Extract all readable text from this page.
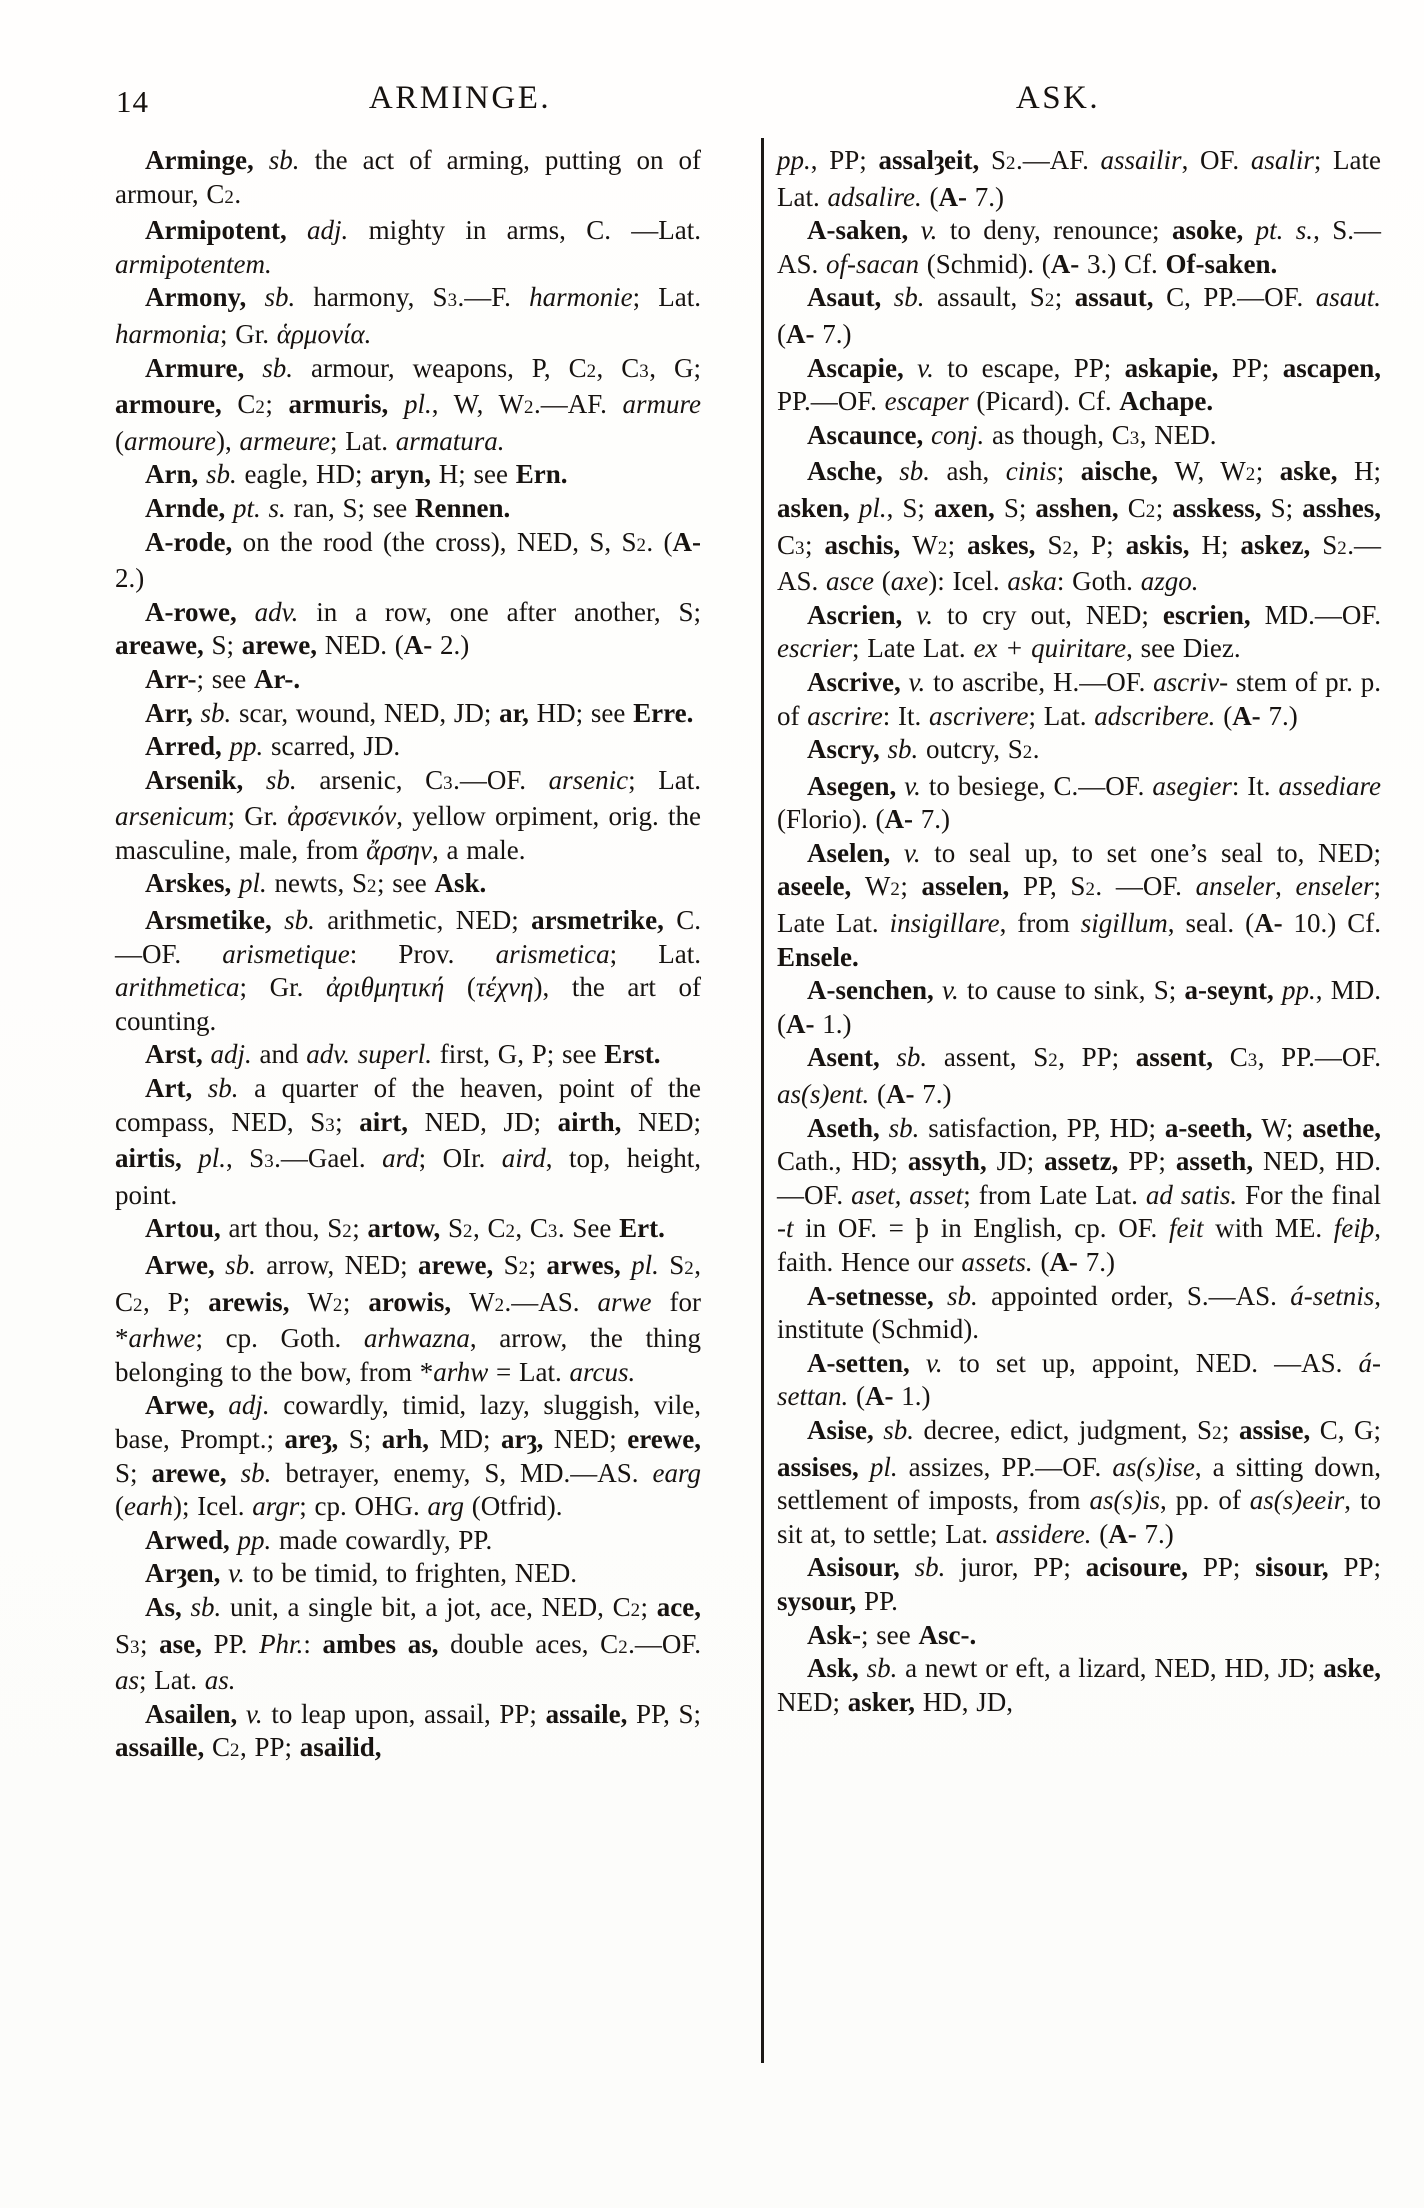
14	ARMINGE.	ASK.

Arminge, sb. the act of arming, putting on of armour, C2.

Armipotent, adj. mighty in arms, C. —Lat. armipotentem.

Armony, sb. harmony, S3.—F. harmonie; Lat. harmonia; Gr. ἁρμονία.

Armure, sb. armour, weapons, P, C2, C3, G; armoure, C2; armuris, pl., W, W2.—AF. armure (armoure), armeure; Lat. armatura.

Arn, sb. eagle, HD; aryn, H; see Ern.

Arnde, pt. s. ran, S; see Rennen.

A-rode, on the rood (the cross), NED, S, S2. (A- 2.)

A-rowe, adv. in a row, one after another, S; areawe, S; arewe, NED. (A- 2.)

Arr-; see Ar-.

Arr, sb. scar, wound, NED, JD; ar, HD; see Erre.

Arred, pp. scarred, JD.

Arsenik, sb. arsenic, C3.—OF. arsenic; Lat. arsenicum; Gr. ἀρσενικόν, yellow orpiment, orig. the masculine, male, from ἄρσην, a male.

Arskes, pl. newts, S2; see Ask.

Arsmetike, sb. arithmetic, NED; arsmetrike, C.—OF. arismetique: Prov. arismetica; Lat. arithmetica; Gr. ἀριθμητική (τέχνη), the art of counting.

Arst, adj. and adv. superl. first, G, P; see Erst.

Art, sb. a quarter of the heaven, point of the compass, NED, S3; airt, NED, JD; airth, NED; airtis, pl., S3.—Gael. ard; OIr. aird, top, height, point.

Artou, art thou, S2; artow, S2, C2, C3. See Ert.

Arwe, sb. arrow, NED; arewe, S2; arwes, pl. S2, C2, P; arewis, W2; arowis, W2.—AS. arwe for *arhwe; cp. Goth. arhwazna, arrow, the thing belonging to the bow, from *arhw = Lat. arcus.

Arwe, adj. cowardly, timid, lazy, sluggish, vile, base, Prompt.; areȝ, S; arh, MD; arȝ, NED; erewe, S; arewe, sb. betrayer, enemy, S, MD.—AS. earg (earh); Icel. argr; cp. OHG. arg (Otfrid).

Arwed, pp. made cowardly, PP.

Arȝen, v. to be timid, to frighten, NED.

As, sb. unit, a single bit, a jot, ace, NED, C2; ace, S3; ase, PP. Phr.: ambes as, double aces, C2.—OF. as; Lat. as.

Asailen, v. to leap upon, assail, PP; assaile, PP, S; assaille, C2, PP; asailid,

pp., PP; assalȝeit, S2.—AF. assailir, OF. asalir; Late Lat. adsalire. (A- 7.)

A-saken, v. to deny, renounce; asoke, pt. s., S.—AS. of-sacan (Schmid). (A- 3.) Cf. Of-saken.

Asaut, sb. assault, S2; assaut, C, PP.—OF. asaut. (A- 7.)

Ascapie, v. to escape, PP; askapie, PP; ascapen, PP.—OF. escaper (Picard). Cf. Achape.

Ascaunce, conj. as though, C3, NED.

Asche, sb. ash, cinis; aische, W, W2; aske, H; asken, pl., S; axen, S; asshen, C2; asskess, S; asshes, C3; aschis, W2; askes, S2, P; askis, H; askez, S2.—AS. asce (axe): Icel. aska: Goth. azgo.

Ascrien, v. to cry out, NED; escrien, MD.—OF. escrier; Late Lat. ex + quiritare, see Diez.

Ascrive, v. to ascribe, H.—OF. ascriv- stem of pr. p. of ascrire: It. ascrivere; Lat. adscribere. (A- 7.)

Ascry, sb. outcry, S2.

Asegen, v. to besiege, C.—OF. asegier: It. assediare (Florio). (A- 7.)

Aselen, v. to seal up, to set one’s seal to, NED; aseele, W2; asselen, PP, S2. —OF. anseler, enseler; Late Lat. insigillare, from sigillum, seal. (A- 10.) Cf. Ensele.

A-senchen, v. to cause to sink, S; a-seynt, pp., MD. (A- 1.)

Asent, sb. assent, S2, PP; assent, C3, PP.—OF. as(s)ent. (A- 7.)

Aseth, sb. satisfaction, PP, HD; a-seeth, W; asethe, Cath., HD; assyth, JD; assetz, PP; asseth, NED, HD.—OF. aset, asset; from Late Lat. ad satis. For the final -t in OF. = þ in English, cp. OF. feit with ME. feiþ, faith. Hence our assets. (A- 7.)

A-setnesse, sb. appointed order, S.—AS. á-setnis, institute (Schmid).

A-setten, v. to set up, appoint, NED. —AS. á-settan. (A- 1.)

Asise, sb. decree, edict, judgment, S2; assise, C, G; assises, pl. assizes, PP.—OF. as(s)ise, a sitting down, settlement of imposts, from as(s)is, pp. of as(s)eeir, to sit at, to settle; Lat. assidere. (A- 7.)

Asisour, sb. juror, PP; acisoure, PP; sisour, PP; sysour, PP.

Ask-; see Asc-.

Ask, sb. a newt or eft, a lizard, NED, HD, JD; aske, NED; asker, HD, JD,
